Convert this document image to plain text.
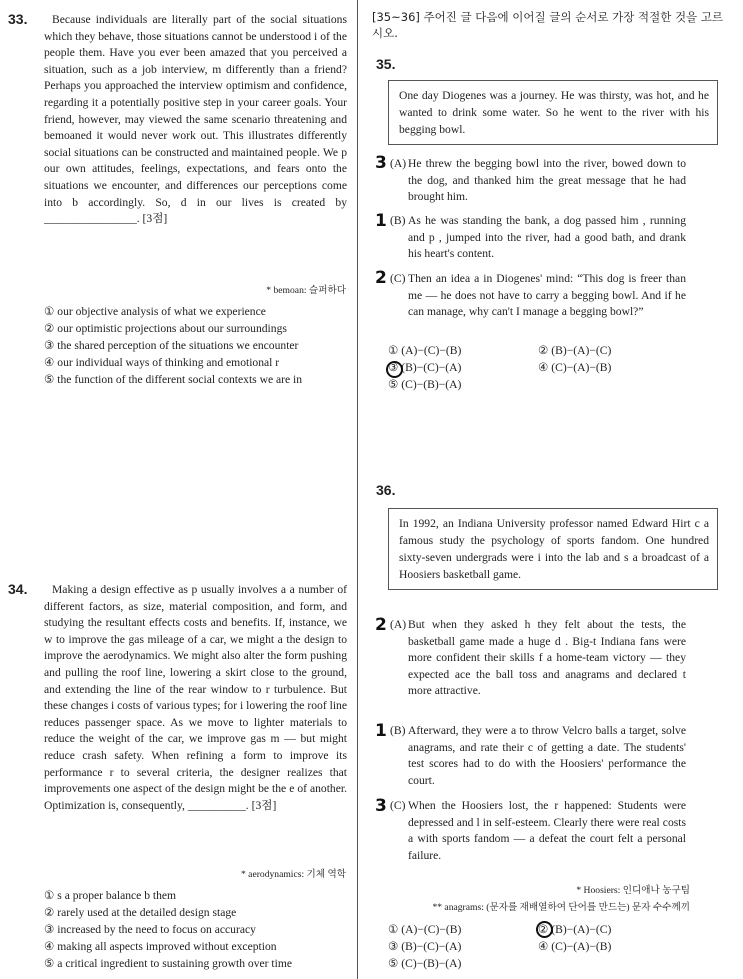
33.	Because individuals are literally part of the social situations which they behave, those situations cannot be understood i of the people them. Have you ever been amazed that you perceived a situation, such as a job interview, m differently than a friend? Perhaps you approached the interview optimism and confidence, regarding it a potentially positive step in your career goals. Your friend, however, may viewed the same scenario threatening and bemoaned it would never work out. This illustrates differently social situations can be constructed and maintained people. We p our own attitudes, feelings, expectations, and fears onto the situations we encounter, and differences our perceptions come into b accordingly. So, d in our lives is created by ________________. [3점]
* bemoan: 슬퍼하다
① our objective analysis of what we experience
② our optimistic projections about our surroundings
③ the shared perception of the situations we encounter
④ our individual ways of thinking and emotional r
⑤ the function of the different social contexts we are in
34.	Making a design effective as p usually involves a a number of different factors, as size, material composition, and form, and studying the resultant effects costs and benefits. If, instance, we w to improve the gas mileage of a car, we might a the design to improve the aerodynamics. We might also alter the form pushing and pulling the roof line, lowering a skirt close to the ground, and extending the line of the rear window to r turbulence. But these changes i costs of various types; for i lowering the roof line reduces passenger space. As we move to lighter materials to reduce the weight of the car, we improve gas m — but might reduce crash safety. When refining a form to improve its performance r to several criteria, the designer realizes that improvements one aspect of the design might be the e of another. Optimization is, consequently, __________. [3점]
* aerodynamics: 기체 역학
① s a proper balance b them
② rarely used at the detailed design stage
③ increased by the need to focus on accuracy
④ making all aspects improved without exception
⑤ a critical ingredient to sustaining growth over time
[35~36] 주어진 글 다음에 이어질 글의 순서로 가장 적절한 것을 고르시오.
35.
One day Diogenes was a journey. He was thirsty, was hot, and he wanted to drink some water. So he went to the river with his begging bowl.
3 (A) He threw the begging bowl into the river, bowed down to the dog, and thanked him the great message that he had brought him.
1 (B) As he was standing the bank, a dog passed him , running and p , jumped into the river, had a good bath, and drank his heart's content.
2 (C) Then an idea a in Diogenes' mind: “This dog is freer than me — he does not have to carry a begging bowl. And if he can manage, why can't I manage a begging bowl?”
① (A)−(C)−(B)	② (B)−(A)−(C)
③ (B)−(C)−(A)	④ (C)−(A)−(B)
⑤ (C)−(B)−(A)
36.
In 1992, an Indiana University professor named Edward Hirt c a famous study the psychology of sports fandom. One hundred sixty-seven undergrads were i into the lab and s a broadcast of a Hoosiers basketball game.
2 (A) But when they asked h they felt about the tests, the basketball game made a huge d . Big-t Indiana fans were more confident their skills f a home-team victory — they expected ace the ball toss and anagrams and declared t more attractive.
1 (B) Afterward, they were a to throw Velcro balls a target, solve anagrams, and rate their c of getting a date. The students' test scores had to do with the Hoosiers' performance the court.
3 (C) When the Hoosiers lost, the r happened: Students were depressed and l in self-esteem. Clearly there were real costs a with sports fandom — a defeat the court felt a personal failure.
* Hoosiers: 인디애나 농구팀
** anagrams: (문자를 재배열하여 단어를 만드는) 문자 수수께끼
① (A)−(C)−(B)	② (B)−(A)−(C)
③ (B)−(C)−(A)	④ (C)−(A)−(B)
⑤ (C)−(B)−(A)
